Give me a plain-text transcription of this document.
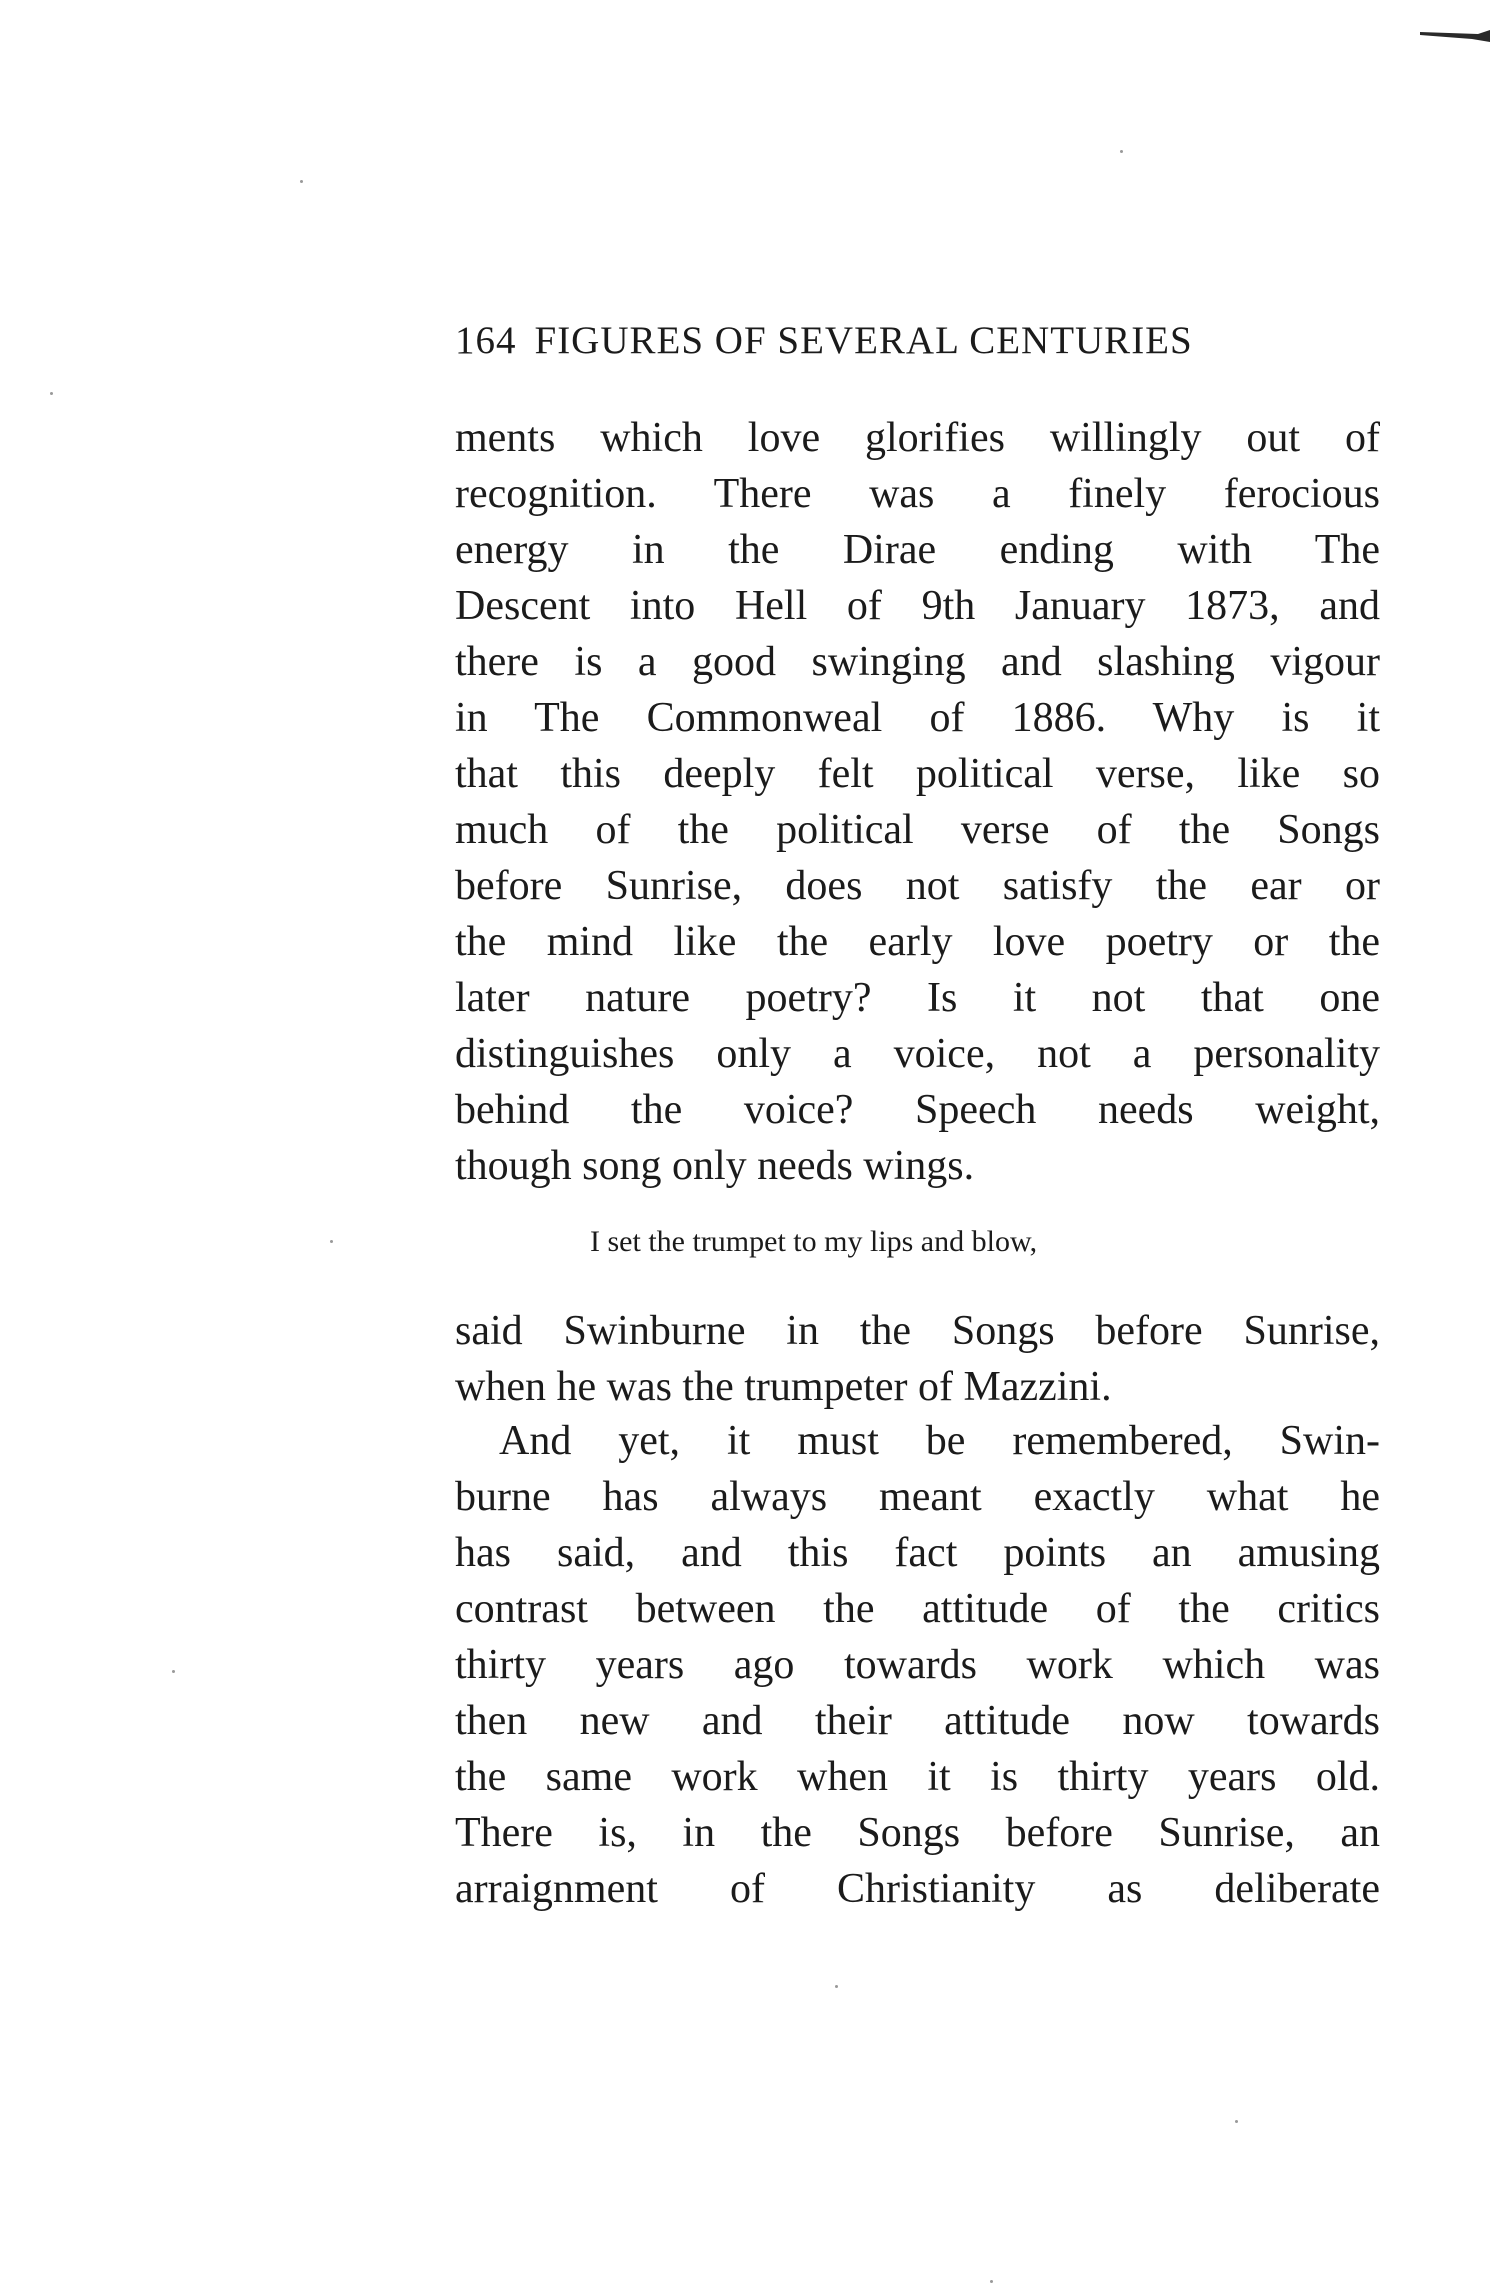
164 FIGURES OF SEVERAL CENTURIES
ments which love glorifies willingly out of
recognition. There was a finely ferocious
energy in the Dirae ending with The
Descent into Hell of 9th January 1873, and
there is a good swinging and slashing vigour
in The Commonweal of 1886. Why is it
that this deeply felt political verse, like so
much of the political verse of the Songs
before Sunrise, does not satisfy the ear or
the mind like the early love poetry or the
later nature poetry? Is it not that one
distinguishes only a voice, not a personality
behind the voice? Speech needs weight,
though song only needs wings.
I set the trumpet to my lips and blow,
said Swinburne in the Songs before Sunrise,
when he was the trumpeter of Mazzini.
And yet, it must be remembered, Swin-
burne has always meant exactly what he
has said, and this fact points an amusing
contrast between the attitude of the critics
thirty years ago towards work which was
then new and their attitude now towards
the same work when it is thirty years old.
There is, in the Songs before Sunrise, an
arraignment of Christianity as deliberate
